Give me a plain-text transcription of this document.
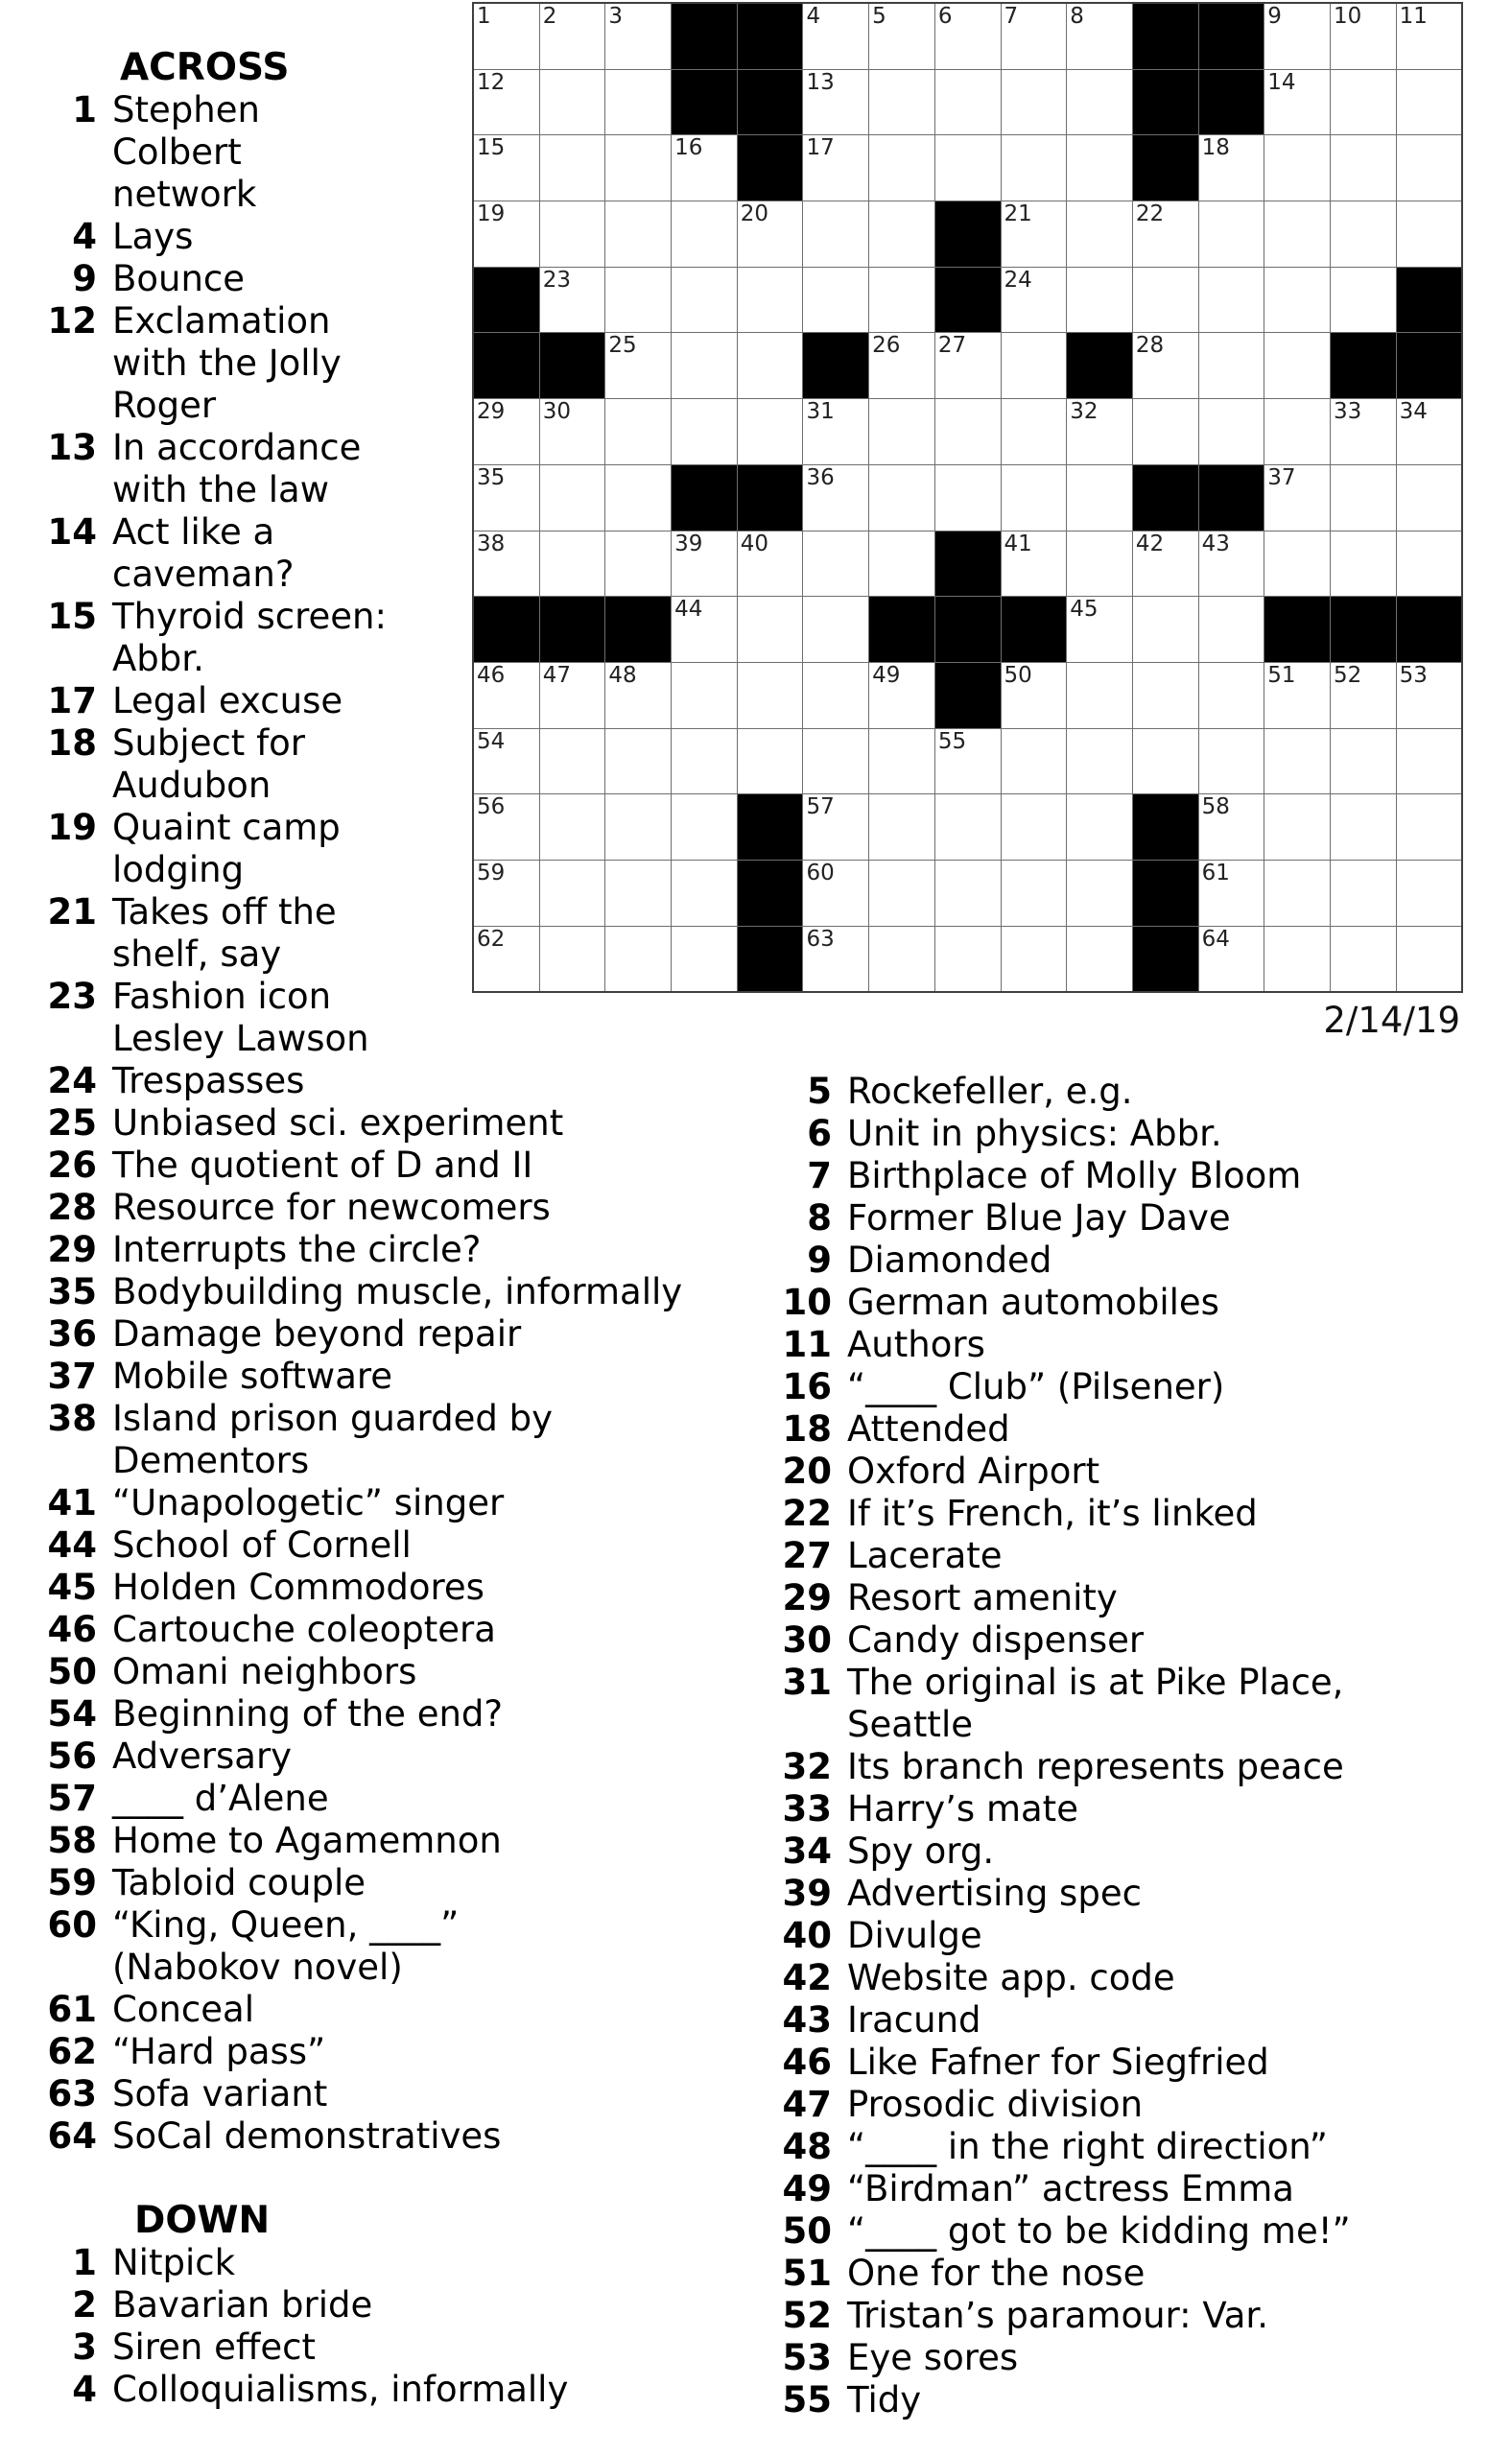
1 2 3	4 5 6 7 8	9 10 11
12	13	14
15	16	17	18
19	20	21	22
23	24
25	26 27	28
29 30	31	32	33 34
35	36	37
38	39 40	41	42 43
44	45
46 47 48	49	50	51 52 53
54	55
56	57	58
59	60	61
62	63	64
2/14/19
ACROSS
1 Stephen
Colbert
network
4 Lays
9 Bounce
12 Exclamation
with the Jolly
Roger
13 In accordance
with the law
14 Act like a
caveman?
15 Thyroid screen:
Abbr.
17 Legal excuse
18 Subject for
Audubon
19 Quaint camp
lodging
21 Takes off the
shelf, say
23 Fashion icon
Lesley Lawson
24 Trespasses
25 Unbiased sci. experiment
26 The quotient of D and II
28 Resource for newcomers
29 Interrupts the circle?
35 Bodybuilding muscle, informally
36 Damage beyond repair
37 Mobile software
38 Island prison guarded by
Dementors
41 “Unapologetic” singer
44 School of Cornell
45 Holden Commodores
46 Cartouche coleoptera
50 Omani neighbors
54 Beginning of the end?
56 Adversary
57 ____ d’Alene
58 Home to Agamemnon
59 Tabloid couple
60 “King, Queen, ____”
(Nabokov novel)
61 Conceal
62 “Hard pass”
63 Sofa variant
64 SoCal demonstratives
DOWN
1 Nitpick
2 Bavarian bride
3 Siren effect
4 Colloquialisms, informally
5 Rockefeller, e.g.
6 Unit in physics: Abbr.
7 Birthplace of Molly Bloom
8 Former Blue Jay Dave
9 Diamonded
10 German automobiles
11 Authors
16 “____ Club” (Pilsener)
18 Attended
20 Oxford Airport
22 If it’s French, it’s linked
27 Lacerate
29 Resort amenity
30 Candy dispenser
31 The original is at Pike Place,
Seattle
32 Its branch represents peace
33 Harry’s mate
34 Spy org.
39 Advertising spec
40 Divulge
42 Website app. code
43 Iracund
46 Like Fafner for Siegfried
47 Prosodic division
48 “____ in the right direction”
49 “Birdman” actress Emma
50 “____ got to be kidding me!”
51 One for the nose
52 Tristan’s paramour: Var.
53 Eye sores
55 Tidy
